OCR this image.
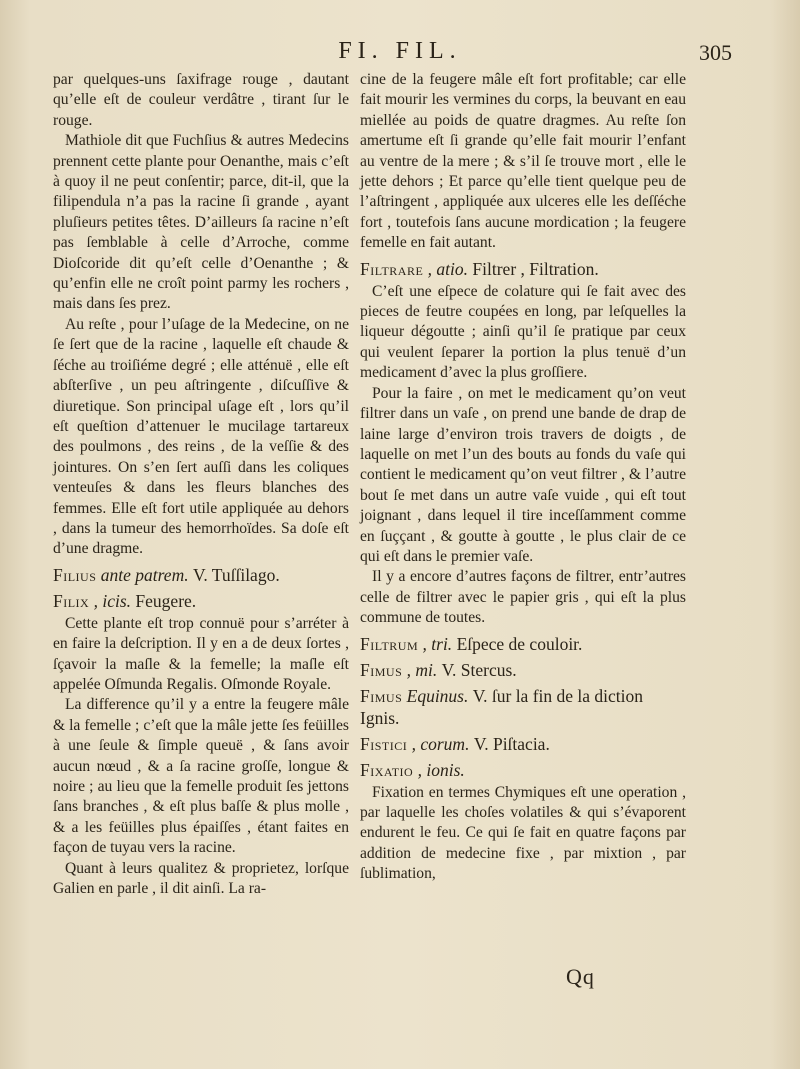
FI. FIL.	305

par quelques-uns ſaxifrage rouge , dautant qu’elle eſt de couleur verdâtre , tirant ſur le rouge.

Mathiole dit que Fuchſius & autres Medecins prennent cette plante pour Oenanthe, mais c’eſt à quoy il ne peut conſentir; parce, dit-il, que la filipendula n’a pas la racine ſi grande , ayant pluſieurs petites têtes. D’ailleurs ſa racine n’eſt pas ſemblable à celle d’Arroche, comme Dioſcoride dit qu’eſt celle d’Oenanthe ; & qu’enfin elle ne croît point parmy les rochers , mais dans ſes prez.

Au reſte , pour l’uſage de la Medecine, on ne ſe ſert que de la racine , laquelle eſt chaude & ſéche au troiſiéme degré ; elle atténuë , elle eſt abſterſive , un peu aſtringente , diſcuſſive & diuretique. Son principal uſage eſt , lors qu’il eſt queſtion d’attenuer le mucilage tartareux des poulmons , des reins , de la veſſie & des jointures. On s’en ſert auſſi dans les coliques venteuſes & dans les fleurs blanches des femmes. Elle eſt fort utile appliquée au dehors , dans la tumeur des hemorrhoïdes. Sa doſe eſt d’une dragme.

Filius ante patrem. V. Tuſſilago.
Filix , icis. Feugere.

Cette plante eſt trop connuë pour s’arréter à en faire la deſcription. Il y en a de deux ſortes , ſçavoir la maſle & la femelle; la maſle eſt appelée Oſmunda Regalis. Oſmonde Royale.

La difference qu’il y a entre la feugere mâle & la femelle ; c’eſt que la mâle jette ſes feüilles à une ſeule & ſimple queuë , & ſans avoir aucun nœud , & a ſa racine groſſe, longue & noire ; au lieu que la femelle produit ſes jettons ſans branches , & eſt plus baſſe & plus molle , & a les feüilles plus épaiſſes , étant faites en façon de tuyau vers la racine.

Quant à leurs qualitez & proprietez, lorſque Galien en parle , il dit ainſi. La ra-

cine de la feugere mâle eſt fort profitable; car elle fait mourir les vermines du corps, la beuvant en eau miellée au poids de quatre dragmes. Au reſte ſon amertume eſt ſi grande qu’elle fait mourir l’enfant au ventre de la mere ; & s’il ſe trouve mort , elle le jette dehors ; Et parce qu’elle tient quelque peu de l’aſtringent , appliquée aux ulceres elle les deſſéche fort , toutefois ſans aucune mordication ; la feugere femelle en fait autant.

Filtrare , atio. Filtrer , Filtration.

C’eſt une eſpece de colature qui ſe fait avec des pieces de feutre coupées en long, par leſquelles la liqueur dégoutte ; ainſi qu’il ſe pratique par ceux qui veulent ſeparer la portion la plus tenuë d’un medicament d’avec la plus groſſiere.

Pour la faire , on met le medicament qu’on veut filtrer dans un vaſe , on prend une bande de drap de laine large d’environ trois travers de doigts , de laquelle on met l’un des bouts au fonds du vaſe qui contient le medicament qu’on veut filtrer , & l’autre bout ſe met dans un autre vaſe vuide , qui eſt tout joignant , dans lequel il tire inceſſamment comme en ſuççant , & goutte à goutte , le plus clair de ce qui eſt dans le premier vaſe.

Il y a encore d’autres façons de filtrer, entr’autres celle de filtrer avec le papier gris , qui eſt la plus commune de toutes.

Filtrum , tri. Eſpece de couloir.
Fimus , mi. V. Stercus.
Fimus Equinus. V. ſur la fin de la diction Ignis.
Fistici , corum. V. Piſtacia.
Fixatio , ionis.

Fixation en termes Chymiques eſt une operation , par laquelle les choſes volatiles & qui s’évaporent endurent le feu. Ce qui ſe fait en quatre façons par addition de medecine fixe , par mixtion , par ſublimation,

Qq
